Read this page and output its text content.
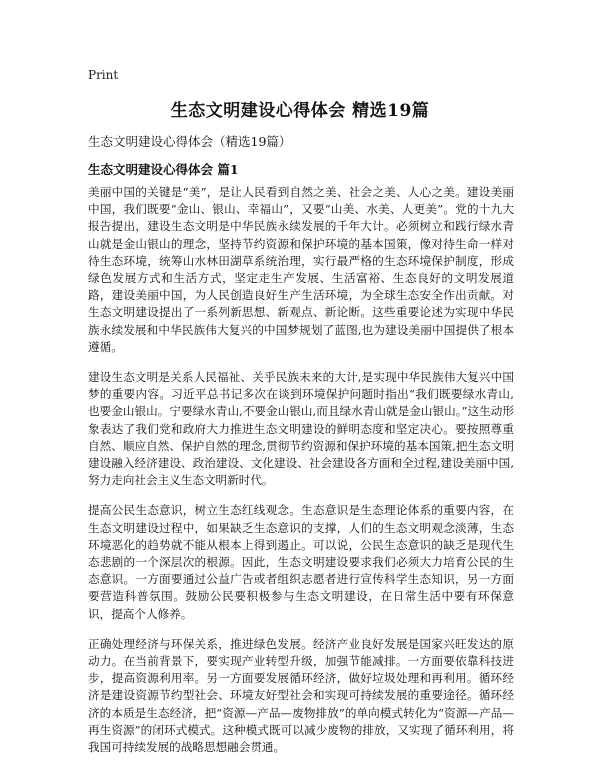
Print
生态文明建设心得体会 精选19篇
生态文明建设心得体会（精选19篇）
生态文明建设心得体会 篇1

美丽中国的关键是“美”，是让人民看到自然之美、社会之美、人心之美。建设美丽中国，我们既要“金山、银山、幸福山”，又要“山美、水美、人更美”。党的十九大报告提出，建设生态文明是中华民族永续发展的千年大计。必须树立和践行绿水青山就是金山银山的理念，坚持节约资源和保护环境的基本国策，像对待生命一样对待生态环境，统筹山水林田湖草系统治理，实行最严格的生态环境保护制度，形成绿色发展方式和生活方式，坚定走生产发展、生活富裕、生态良好的文明发展道路，建设美丽中国，为人民创造良好生产生活环境，为全球生态安全作出贡献。对生态文明建设提出了一系列新思想、新观点、新论断。这些重要论述为实现中华民族永续发展和中华民族伟大复兴的中国梦规划了蓝图,也为建设美丽中国提供了根本遵循。

建设生态文明是关系人民福祉、关乎民族未来的大计,是实现中华民族伟大复兴中国梦的重要内容。习近平总书记多次在谈到环境保护问题时指出“我们既要绿水青山,也要金山银山。宁要绿水青山,不要金山银山,而且绿水青山就是金山银山。”这生动形象表达了我们党和政府大力推进生态文明建设的鲜明态度和坚定决心。要按照尊重自然、顺应自然、保护自然的理念,贯彻节约资源和保护环境的基本国策,把生态文明建设融入经济建设、政治建设、文化建设、社会建设各方面和全过程,建设美丽中国,努力走向社会主义生态文明新时代。

提高公民生态意识，树立生态红线观念。生态意识是生态理论体系的重要内容，在生态文明建设过程中，如果缺乏生态意识的支撑，人们的生态文明观念淡薄，生态环境恶化的趋势就不能从根本上得到遏止。可以说，公民生态意识的缺乏是现代生态悲剧的一个深层次的根源。因此，生态文明建设要求我们必须大力培育公民的生态意识。一方面要通过公益广告或者组织志愿者进行宣传科学生态知识，另一方面要营造科普氛围。鼓励公民要积极参与生态文明建设，在日常生活中要有环保意识，提高个人修养。

正确处理经济与环保关系，推进绿色发展。经济产业良好发展是国家兴旺发达的原动力。在当前背景下，要实现产业转型升级，加强节能减排。一方面要依靠科技进步，提高资源利用率。另一方面要发展循环经济，做好垃圾处理和再利用。循环经济是建设资源节约型社会、环境友好型社会和实现可持续发展的重要途径。循环经济的本质是生态经济，把“资源—产品—废物排放”的单向模式转化为“资源—产品—再生资源”的闭环式模式。这种模式既可以减少废物的排放，又实现了循环利用，将我国可持续发展的战略思想融会贯通。
